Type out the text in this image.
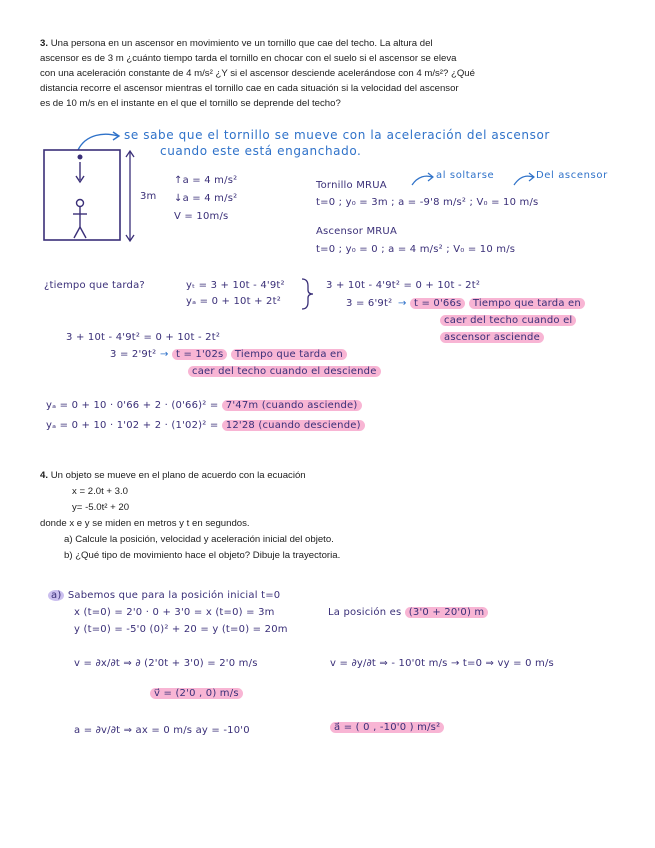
3. Una persona en un ascensor en movimiento ve un tornillo que cae del techo. La altura del
ascensor es de 3 m ¿cuánto tiempo tarda el tornillo en chocar con el suelo si el ascensor se eleva
con una aceleración constante de 4 m/s² ¿Y si el ascensor desciende acelerándose con 4 m/s²? ¿Qué
distancia recorre el ascensor mientras el tornillo cae en cada situación si la velocidad del ascensor
es de 10 m/s en el instante en el que el tornillo se deprende del techo?
se sabe que el tornillo se mueve con la aceleración del ascensor
cuando este está enganchado.
3m
↑a = 4 m/s²
↓a = 4 m/s²
V = 10m/s
Tornillo MRUA
al soltarse	Del ascensor
t=0 ; y₀ = 3m ; a = -9'8 m/s² ; V₀ = 10 m/s
Ascensor MRUA
t=0 ; y₀ = 0 ; a = 4 m/s² ; V₀ = 10 m/s
¿tiempo que tarda?	yₜ = 3 + 10t - 4'9t²
yₐ = 0 + 10t + 2t²
3 + 10t - 4'9t² = 0 + 10t - 2t²
3 = 6'9t² → t = 0'66s Tiempo que tarda en
caer del techo cuando el
ascensor asciende
3 + 10t - 4'9t² = 0 + 10t - 2t²
3 = 2'9t² → t = 1'02s Tiempo que tarda en
caer del techo cuando el desciende
yₐ = 0 + 10 · 0'66 + 2 · (0'66)² = 7'47m (cuando asciende)
yₐ = 0 + 10 · 1'02 + 2 · (1'02)² = 12'28 (cuando desciende)
4. Un objeto se mueve en el plano de acuerdo con la ecuación
x = 2.0t + 3.0
y= -5.0t² + 20
donde x e y se miden en metros y t en segundos.
a) Calcule la posición, velocidad y aceleración inicial del objeto.
b) ¿Qué tipo de movimiento hace el objeto? Dibuje la trayectoria.
a) Sabemos que para la posición inicial t=0
x (t=0) = 2'0 · 0 + 3'0 = x (t=0) = 3m
y (t=0) = -5'0 (0)² + 20 = y (t=0) = 20m
La posición es (3'0 + 20'0) m
v = ∂x/∂t ⇒ ∂ (2'0t + 3'0) = 2'0 m/s	v = ∂y/∂t ⇒ - 10'0t m/s → t=0 ⇒ vy = 0 m/s
v⃗ = (2'0 , 0) m/s
a = ∂v/∂t ⇒ ax = 0 m/s ay = -10'0	a⃗ = ( 0 , -10'0 ) m/s²
